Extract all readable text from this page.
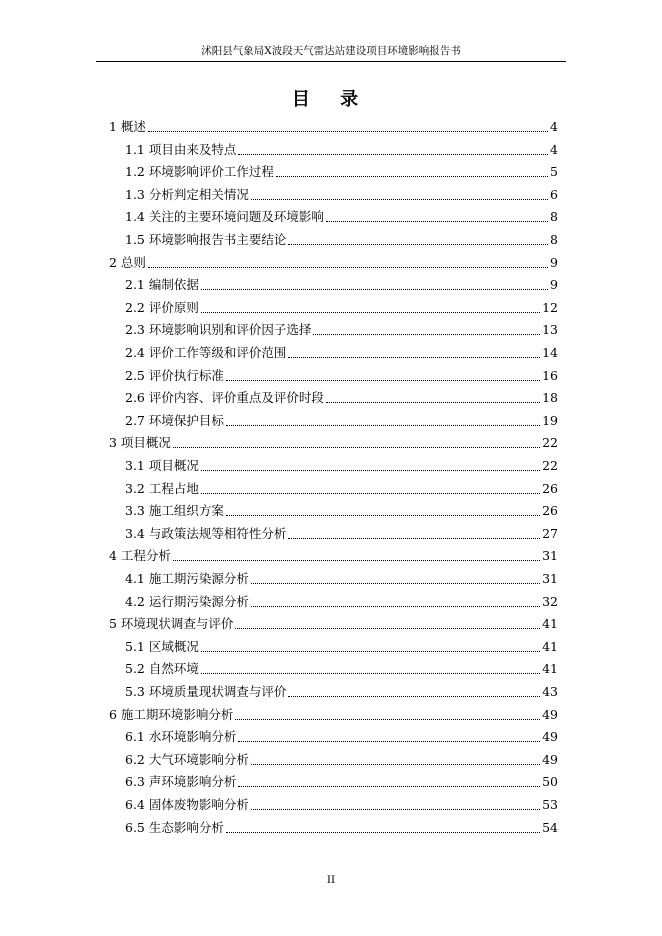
沭阳县气象局X波段天气雷达站建设项目环境影响报告书
目 录
1 概述	4
1.1 项目由来及特点	4
1.2 环境影响评价工作过程	5
1.3 分析判定相关情况	6
1.4 关注的主要环境问题及环境影响	8
1.5 环境影响报告书主要结论	8
2 总则	9
2.1 编制依据	9
2.2 评价原则	12
2.3 环境影响识别和评价因子选择	13
2.4 评价工作等级和评价范围	14
2.5 评价执行标准	16
2.6 评价内容、评价重点及评价时段	18
2.7 环境保护目标	19
3 项目概况	22
3.1 项目概况	22
3.2 工程占地	26
3.3 施工组织方案	26
3.4 与政策法规等相符性分析	27
4 工程分析	31
4.1 施工期污染源分析	31
4.2 运行期污染源分析	32
5 环境现状调查与评价	41
5.1 区域概况	41
5.2 自然环境	41
5.3 环境质量现状调查与评价	43
6 施工期环境影响分析	49
6.1 水环境影响分析	49
6.2 大气环境影响分析	49
6.3 声环境影响分析	50
6.4 固体废物影响分析	53
6.5 生态影响分析	54
II
